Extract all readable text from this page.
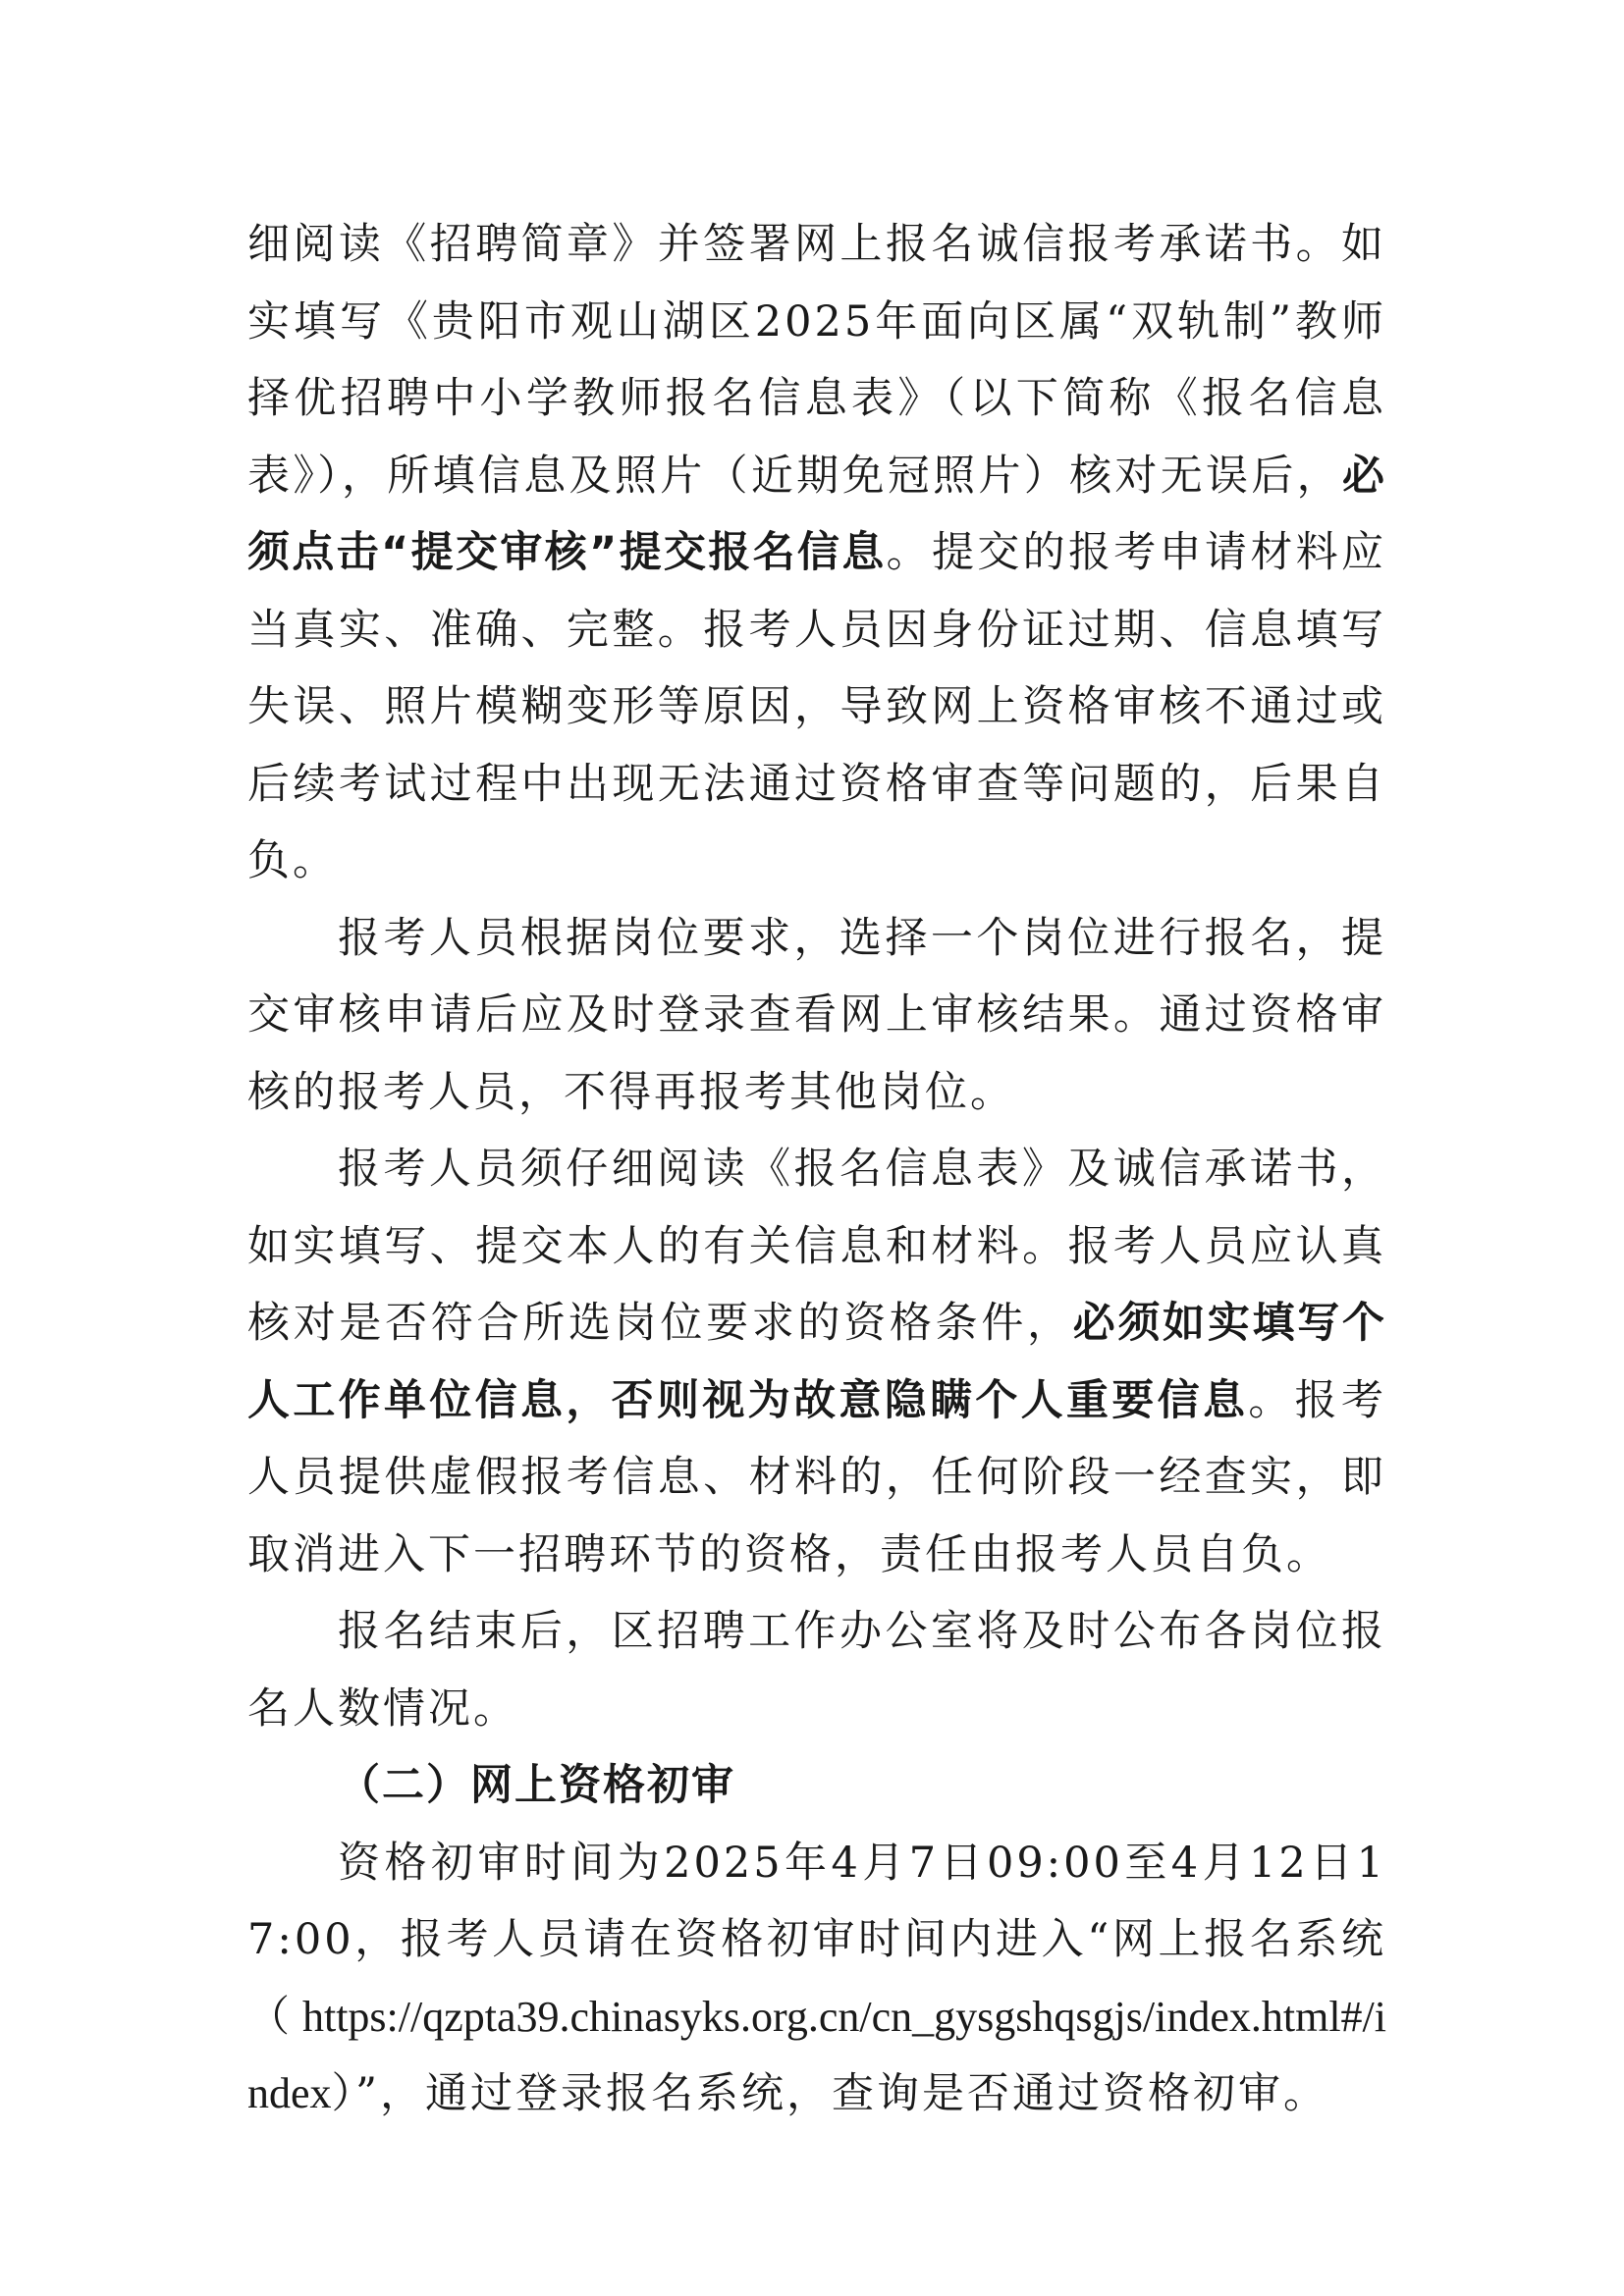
细阅读《招聘简章》并签署网上报名诚信报考承诺书。如实填写《贵阳市观山湖区2025年面向区属“双轨制”教师择优招聘中小学教师报名信息表》（以下简称《报名信息表》），所填信息及照片（近期免冠照片）核对无误后，必须点击“提交审核”提交报名信息。提交的报考申请材料应当真实、准确、完整。报考人员因身份证过期、信息填写失误、照片模糊变形等原因，导致网上资格审核不通过或后续考试过程中出现无法通过资格审查等问题的，后果自负。

报考人员根据岗位要求，选择一个岗位进行报名，提交审核申请后应及时登录查看网上审核结果。通过资格审核的报考人员，不得再报考其他岗位。

报考人员须仔细阅读《报名信息表》及诚信承诺书，如实填写、提交本人的有关信息和材料。报考人员应认真核对是否符合所选岗位要求的资格条件，必须如实填写个人工作单位信息，否则视为故意隐瞒个人重要信息。报考人员提供虚假报考信息、材料的，任何阶段一经查实，即取消进入下一招聘环节的资格，责任由报考人员自负。

报名结束后，区招聘工作办公室将及时公布各岗位报名人数情况。

（二）网上资格初审

资格初审时间为2025年4月7日09:00至4月12日17:00，报考人员请在资格初审时间内进入“网上报名系统（https://qzpta39.chinasyks.org.cn/cn_gysgshqsgjs/index.html#/index）”，通过登录报名系统，查询是否通过资格初审。
